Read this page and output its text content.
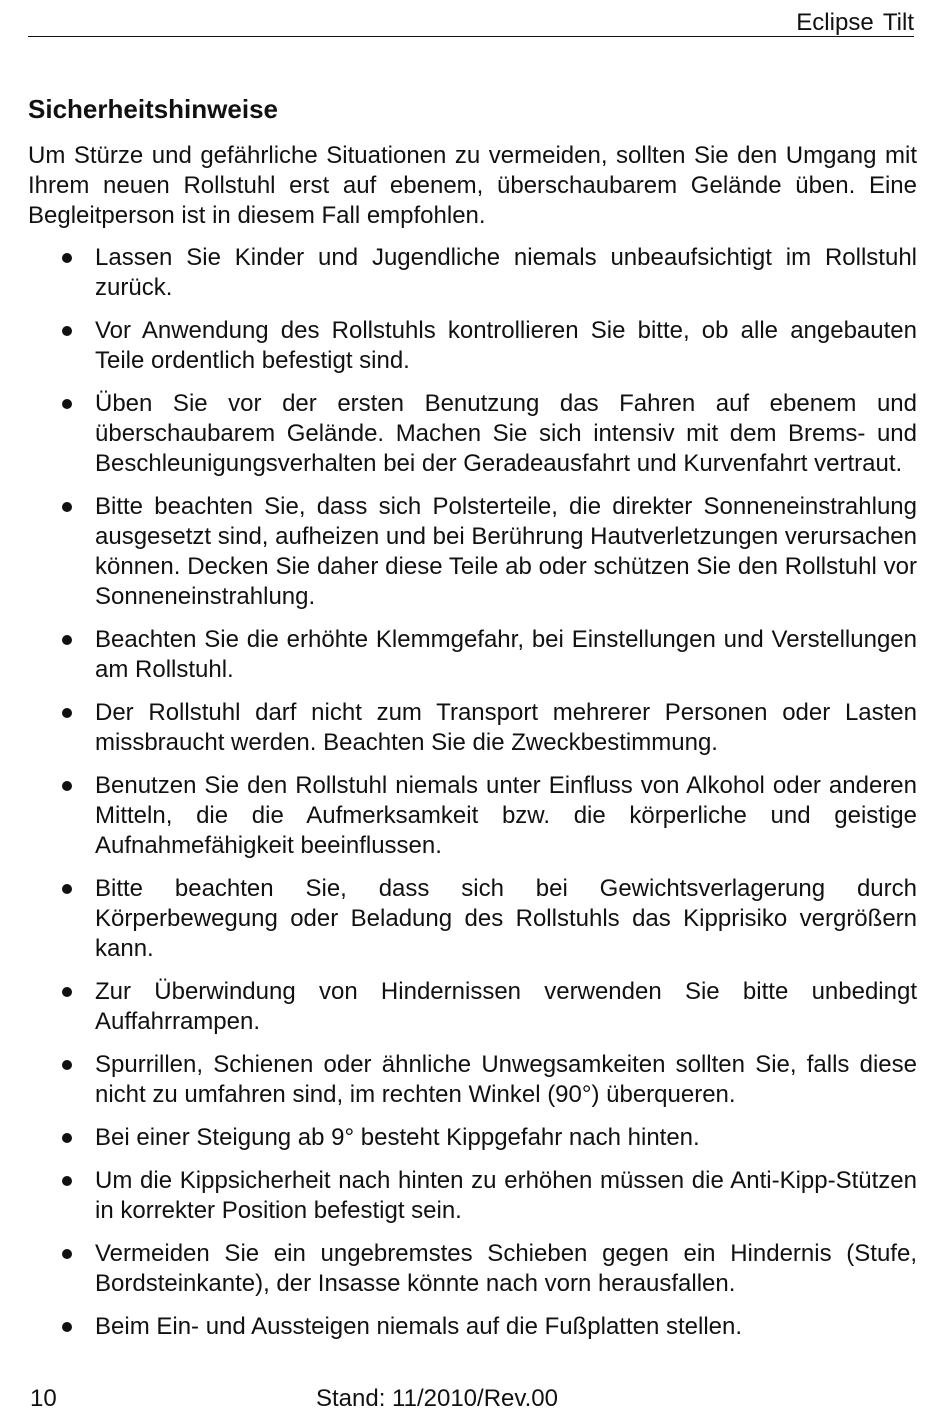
Eclipse Tilt
Sicherheitshinweise

Um Stürze und gefährliche Situationen zu vermeiden, sollten Sie den Umgang mit Ihrem neuen Rollstuhl erst auf ebenem, überschaubarem Gelände üben. Eine Begleitperson ist in diesem Fall empfohlen.

Lassen Sie Kinder und Jugendliche niemals unbeaufsichtigt im Rollstuhl zurück.
Vor Anwendung des Rollstuhls kontrollieren Sie bitte, ob alle angebauten Teile ordentlich befestigt sind.
Üben Sie vor der ersten Benutzung das Fahren auf ebenem und überschaubarem Gelände. Machen Sie sich intensiv mit dem Brems- und Beschleunigungsverhalten bei der Geradeausfahrt und Kurvenfahrt vertraut.
Bitte beachten Sie, dass sich Polsterteile, die direkter Sonneneinstrahlung ausgesetzt sind, aufheizen und bei Berührung Hautverletzungen verursachen können. Decken Sie daher diese Teile ab oder schützen Sie den Rollstuhl vor Sonneneinstrahlung.
Beachten Sie die erhöhte Klemmgefahr, bei Einstellungen und Verstellungen am Rollstuhl.
Der Rollstuhl darf nicht zum Transport mehrerer Personen oder Lasten missbraucht werden. Beachten Sie die Zweckbestimmung.
Benutzen Sie den Rollstuhl niemals unter Einfluss von Alkohol oder anderen Mitteln, die die Aufmerksamkeit bzw. die körperliche und geistige Aufnahmefähigkeit beeinflussen.
Bitte beachten Sie, dass sich bei Gewichtsverlagerung durch Körperbewegung oder Beladung des Rollstuhls das Kipprisiko vergrößern kann.
Zur Überwindung von Hindernissen verwenden Sie bitte unbedingt Auffahrrampen.
Spurrillen, Schienen oder ähnliche Unwegsamkeiten sollten Sie, falls diese nicht zu umfahren sind, im rechten Winkel (90°) überqueren.
Bei einer Steigung ab 9° besteht Kippgefahr nach hinten.
Um die Kippsicherheit nach hinten zu erhöhen müssen die Anti-Kipp-Stützen in korrekter Position befestigt sein.
Vermeiden Sie ein ungebremstes Schieben gegen ein Hindernis (Stufe, Bordsteinkante), der Insasse könnte nach vorn herausfallen.
Beim Ein- und Aussteigen niemals auf die Fußplatten stellen.
10	Stand: 11/2010/Rev.00
